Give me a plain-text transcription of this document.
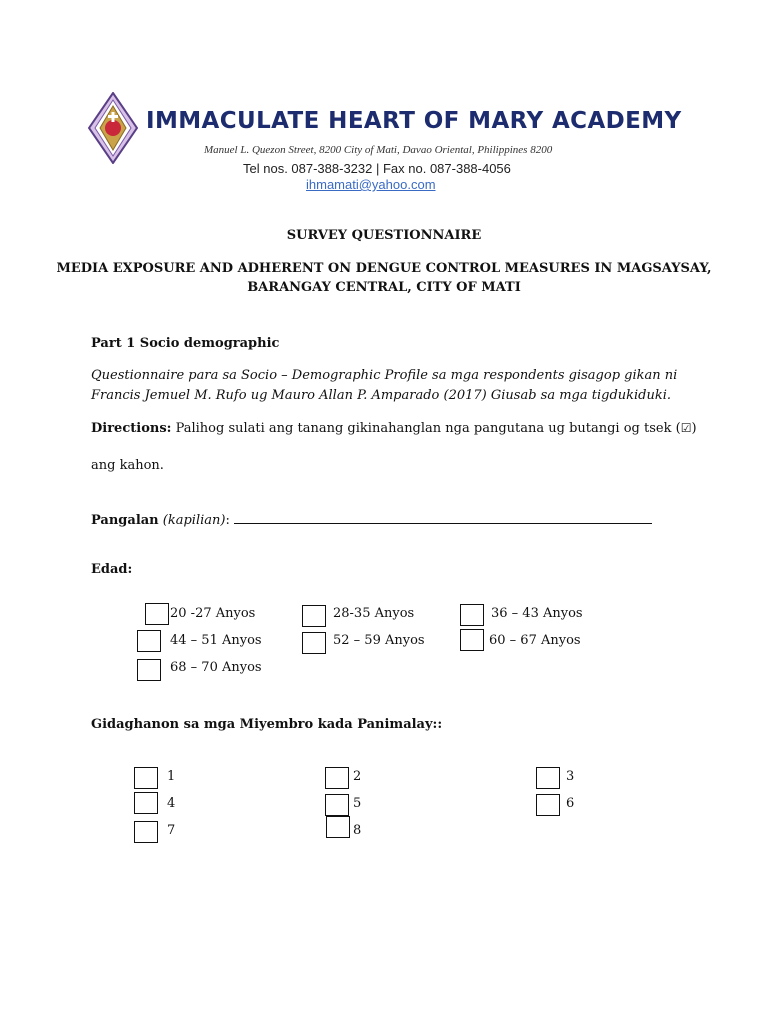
IMMACULATE HEART OF MARY ACADEMY
Manuel L. Quezon Street, 8200 City of Mati, Davao Oriental, Philippines 8200
Tel nos. 087-388-3232 | Fax no. 087-388-4056
ihmamati@yahoo.com
SURVEY QUESTIONNAIRE
MEDIA EXPOSURE AND ADHERENT ON DENGUE CONTROL MEASURES IN MAGSAYSAY,
BARANGAY CENTRAL, CITY OF MATI
Part 1 Socio demographic
Questionnaire para sa Socio – Demographic Profile sa mga respondents gisagop gikan ni
Francis Jemuel M. Rufo ug Mauro Allan P. Amparado (2017) Giusab sa mga tigdukiduki.
Directions: Palihog sulati ang tanang gikinahanglan nga pangutana ug butangi og tsek (☑)
ang kahon.
Pangalan (kapilian):
Edad:
20 -27 Anyos	28-35 Anyos	36 – 43 Anyos
44 – 51 Anyos	52 – 59 Anyos	60 – 67 Anyos
68 – 70 Anyos
Gidaghanon sa mga Miyembro kada Panimalay::
1	2	3
4	5	6
7	8
